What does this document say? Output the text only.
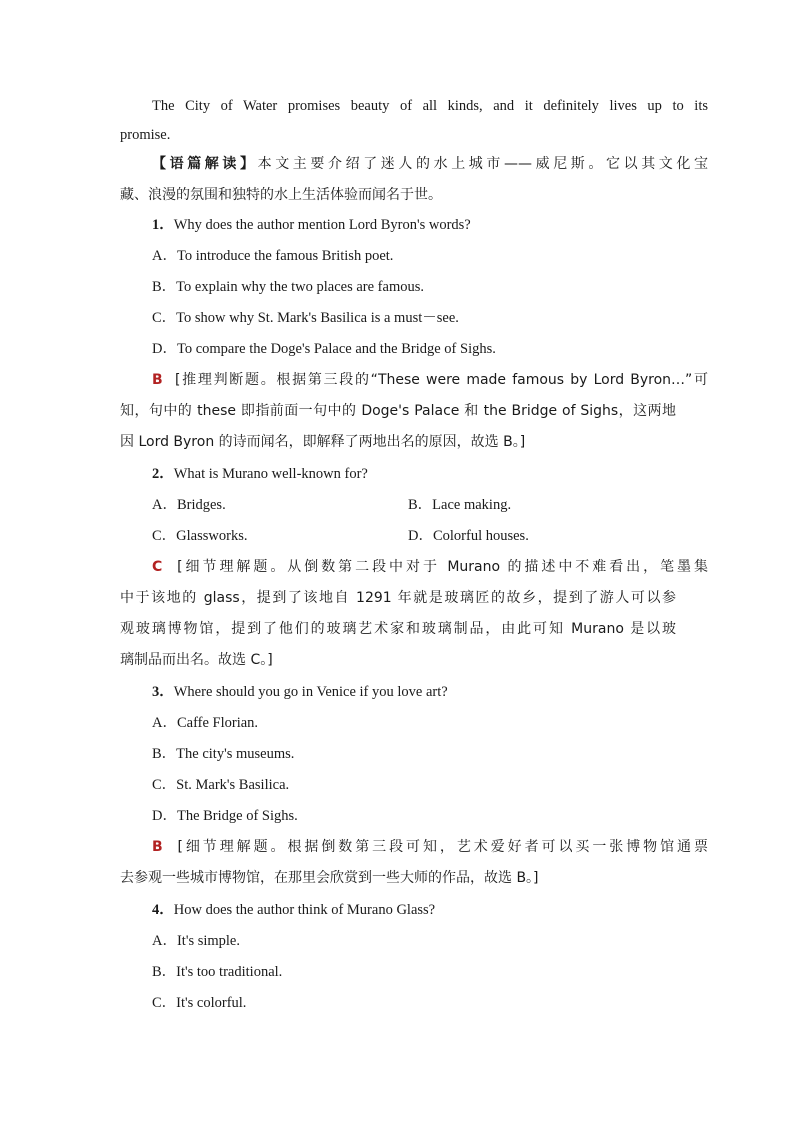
The City of Water promises beauty of all kinds, and it definitely lives up to its
promise.
【语篇解读】本文主要介绍了迷人的水上城市——威尼斯。它以其文化宝
藏、浪漫的氛围和独特的水上生活体验而闻名于世。
1．Why does the author mention Lord Byron's words?
A．To introduce the famous British poet.
B．To explain why the two places are famous.
C．To show why St. Mark's Basilica is a must－see.
D．To compare the Doge's Palace and the Bridge of Sighs.
B [推理判断题。根据第三段的“These were made famous by Lord Byron…”可
知，句中的 these 即指前面一句中的 Doge's Palace 和 the Bridge of Sighs，这两地
因 Lord Byron 的诗而闻名，即解释了两地出名的原因，故选 B。]
2．What is Murano well-known for?
A．Bridges.	B．Lace making.
C．Glassworks.	D．Colorful houses.
C [细节理解题。从倒数第二段中对于 Murano 的描述中不难看出，笔墨集
中于该地的 glass，提到了该地自 1291 年就是玻璃匠的故乡，提到了游人可以参
观玻璃博物馆，提到了他们的玻璃艺术家和玻璃制品，由此可知 Murano 是以玻
璃制品而出名。故选 C。]
3．Where should you go in Venice if you love art?
A．Caffe Florian.
B．The city's museums.
C．St. Mark's Basilica.
D．The Bridge of Sighs.
B [细节理解题。根据倒数第三段可知，艺术爱好者可以买一张博物馆通票
去参观一些城市博物馆，在那里会欣赏到一些大师的作品，故选 B。]
4．How does the author think of Murano Glass?
A．It's simple.
B．It's too traditional.
C．It's colorful.
